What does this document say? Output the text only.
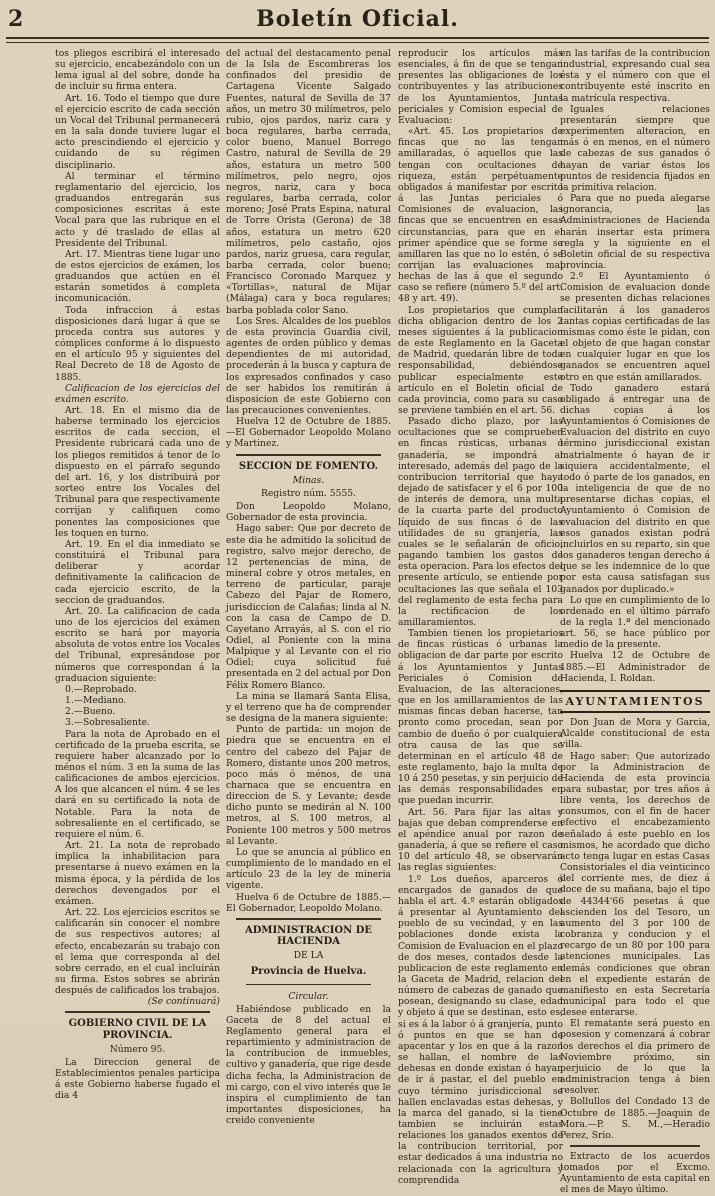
2	Boletín Oficial.

tos pliegos escribirá el interesado su ejercicio, encabezándolo con un lema igual al del sobre, donde ha de incluir su firma entera.

Art. 16. Todo el tiempo que dure el ejercicio escrito de cada sección un Vocal del Tribunal permanecerá en la sala donde tuviere lugar el acto prescindiendo el ejercicio y cuidando de su régimen disciplinario.

Al terminar el término reglamentario del ejercicio, los graduandos entregarán sus composiciones escritas á este Vocal para que las rubrique en el acto y dé traslado de ellas al Presidente del Tribunal.

Art. 17. Mientras tiene lugar uno de estos ejercicios de exámen, los graduandos que actúen en él estarán sometidos á completa incomunicación.

Toda infraccion á estas disposiciones dará lugar á que se proceda contra sus autores y cómplices conforme á lo dispuesto en el artículo 95 y siguientes del Real Decreto de 18 de Agosto de 1885.

Calificacion de los ejercicios del exámen escrito.

Art. 18. En el mismo dia de haberse terminado los ejercicios escritos de cada seccion, el Presidente rubricará cada uno de los pliegos remitidos á tenor de lo dispuesto en el párrafo segundo del art. 16, y los distribuirá por sorteo entre los Vocales del Tribunal para que respectivamente corrijan y califiquen como ponentes las composiciones que les toquen en turno.

Art. 19. En el dia inmediato se constituirá el Tribunal para deliberar y acordar definitivamente la calificacion de cada ejercicio escrito, de la seccion de graduandos.

Art. 20. La calificacion de cada uno de los ejercicios del exámen escrito se hará por mayoría absoluta de votos entre los Vocales del Tribunal, expresándose por números que correspondan á la graduacion siguiente:

0.—Reprobado.

1.—Mediano.

2.—Bueno.

3.—Sobresaliente.

Para la nota de Aprobado en el certificado de la prueba escrita, se requiere haber alcanzado por lo ménos el núm. 3 en la suma de las calificaciones de ambos ejercicios. A los que alcancen el núm. 4 se les dará en su certificado la nota de Notable. Para la nota de sobresaliente en el certificado, se requiere el núm. 6.

Art. 21. La nota de reprobado implica la inhabilitacion para presentarse á nuevo exámen en la misma época, y la pérdida de los derechos devengados por el exámen.

Art. 22. Los ejercicios escritos se calificarán sin conocer el nombre de sus respectivos autores; al efecto, encabezarán su trabajo con el lema que corresponda al del sobre cerrado, en el cual incluirán su firma. Estos sobres se abrirán después de calificados los trabajos.

(Se continuará)

GOBIERNO CIVIL DE LA PROVINCIA.

Número 95.

La Direccion general de Establecimientos penales participa á este Gobierno haberse fugado el dia 4

del actual del destacamento penal de la Isla de Escombreras los confinados del presidio de Cartagena Vicente Salgado Fuentes, natural de Sevilla de 37 años, un metro 30 milímetros, pelo rubio, ojos pardos, nariz cara y boca regulares, barba cerrada, color bueno, Manuel Borrego Castro, natural de Sevilla de 29 años, estatura un metro 500 milímetros, pelo negro, ojos negros, nariz, cara y boca regulares, barba cerrada, color moreno; José Prats Espina, natural de Torre Orista (Gerona) de 38 años, estatura un metro 620 milímetros, pelo castaño, ojos pardos, nariz gruesa, cara regular, barba cerrada, color bueno; Francisco Coronado Marquez y «Tortillas», natural de Mijar (Málaga) cara y boca regulares; barba poblada color Sano.

Los Sres. Alcaldes de los pueblos de esta provincia Guardia civil, agentes de orden público y demas dependientes de mi autoridad, procederán á la busca y captura de los expresados confinados y caso de ser habidos los remitirán á disposicion de este Gobierno con las precauciones convenientes.

Huelva 12 de Octubre de 1885.—El Gobernador Leopoldo Molano y Martinez.

SECCION DE FOMENTO.

Minas.

Registro núm. 5555.

Don Leopoldo Molano, Gobernador de esta provincia.

Hago saber: Que por decreto de este dia he admitido la solicitud de registro, salvo mejor derecho, de 12 pertenencias de mina, de mineral cobre y otros metales, en terreno de particular, paraje Cabezo del Pajar de Romero, jurisdiccion de Calañas; linda al N. con la casa de Campo de D. Cayetano Arrayás, al S. con el rio Odiel, al Poniente con la mina Malpique y al Levante con el rio Odiel; cuya solicitud fué presentada en 2 del actual por Don Félix Romero Blanco.

La mina se llamará Santa Elisa, y el terreno que ha de comprender se designa de la manera siguiente:

Punto de partida: un mojon de piedra que se encuentra en el centro del cabezo del Pajar de Romero, distante unos 200 metros, poco más ó ménos, de una charnaca que se encuentra en direccion de S. y Levante; desde dicho punto se medirán al N. 100 metros, al S. 100 metros, al Poniente 100 metros y 500 metros al Levante.

Lo que se anuncia al público en cumplimiento de lo mandado en el artículo 23 de la ley de mineria vigente.

Huelva 6 de Octubre de 1885.—El Gobernador, Leopoldo Molano.

ADMINISTRACION DE HACIENDA

DE LA

Provincia de Huelva.

Circular.

Habiéndose publicado en la Gaceta de 8 del actual el Reglamento general para el repartimiento y administracion de la contribucion de inmuebles, cultivo y ganadería, que rige desde dicha fecha, la Administracion de mi cargo, con el vivo interés que le inspira el cumplimiento de tan importantes disposiciones, ha creido conveniente

reproducir los artículos más esenciales, á fin de que se tengan presentes las obligaciones de los contribuyentes y las atribuciones de los Ayuntamientos, Juntas periciales y Comision especial de Evaluacion:

«Art. 45. Los propietarios de fincas que no las tengan amillaradas, ó aquellos que las tengan con ocultaciones de riqueza, están perpétuamente obligados á manifestar por escrito á las Juntas periciales ó Comisiones de evaluacion, las fincas que se encuentren en esas circunstancias, para que en el primer apéndice que se forme se amillaren las que no lo estén, ó se corrijan las evaluaciones mal hechas de las á que el segundo caso se refiere (número 5.º del art. 48 y art. 49).

Los propietarios que cumplan dicha obligacion dentro de los 2 meses siguientes á la publicacion de este Reglamento en la Gaceta de Madrid, quedarán libre de toda responsabilidad, debiéndose publicar especialmente este artículo en el Boletin oficial de cada provincia, como para su caso se previene también en el art. 56.

Pasado dicho plazo, por las ocultaciones que se comprueben en fincas rústicas, urbanas ó ganadería, se impondrá al interesado, además del pago de la contribucion territorial que haya dejado de satisfacer y el 6 por 100 de interés de demora, una multa de la cuarta parte del producto líquido de sus fincas ó de las utilidades de su granjería, las cuales se le señalarán de oficio, pagando tambien los gastos de esta operacion. Para los efectos del presente artículo, se entiende por ocultaciones las que señala el 103 del reglamento de esta fecha para la rectificacion de los amillaramientos.

Tambien tienen los propietarios de fincas rústicas ó urbanas la obligacion de dar parte por escrito á los Ayuntamientos y Juntas Periciales ó Comision de Evaluacion, de las alteraciones, que en los amillaramientos de las mismas fincas deban hacerse, tan pronto como procedan, sean por cambio de dueño ó por cualquiera otra causa de las que se determinan en el artículo 48 de este reglamento, bajo la multa de 10 á 250 pesetas, y sin perjuicio de las demás responsabilidades en que puedan incurrir.

Art. 56. Para fijar las altas y bajas que deban comprenderse en el apéndice anual por razon de ganadería, á que se refiere el caso 10 del artículo 48, se observarán las reglas siguientes:

1.º Los dueños, aparceros ó encargados de ganados de que habla el art. 4.º estarán obligados á presentar al Ayuntamiento del pueblo de su vecindad, y en las poblaciones donde exista la Comision de Evaluacion en el plazo de dos meses, contados desde la publicacion de este reglamento en la Gaceta de Madrid, relacion del número de cabezas de ganado que posean, designando su clase, edad y objeto á que se destinan, esto es, si es á la labor ó á granjería, punto ó puntos en que se han de apacentar y los en que á la razon se hallan, el nombre de las dehesas en donde existan ó hayan de ir á pastar, el del pueblo en cuyo término jurisdiccional se hallen enclavadas estas dehesas, y la marca del ganado, si la tiene tambien se incluirán estas relaciones los ganados exentos de la contribucion territorial, por estar dedicados á una industria no relacionada con la agricultura y comprendida

en las tarifas de la contribucion industrial, expresando cual sea ésta y el número con que el contribuyente esté inscrito en la matrícula respectiva.

Iguales relaciones presentarán siempre que experimenten alteracion, en más ó en menos, en el número de cabezas de sus ganados ó hayan de variar éstos los puntos de residencia fijados en la primitiva relacion.

Para que no pueda alegarse ignorancia, las Administraciones de Hacienda harán insertar esta primera regla y la siguiente en el Boletin oficial de su respectiva provincia.

2.º El Ayuntamiento ó Comision de evaluacion donde se presenten dichas relaciones facilitarán á los ganaderos tantas copias certificadas de las mismas como éste le pidan, con el objeto de que hagan constar en cualquier lugar en que los ganados se encuentren aquel otro en que están amillarados.

Todo ganadero estará obligado á entregar una de dichas copias á los Ayuntamientos ó Comisiones de Evaluacion del distrito en cuyo término jurisdiccional existan matrialmente ó hayan de ir siquiera accidentalmente, el todo ó parte de los ganados, en la inteligencia de que de no presentarse dichas copias, el Ayuntamiento ó Comision de evaluacion del distrito en que esos ganados existan podrá incluirlos en su reparto, sin que los ganaderos tengan derecho á que se les indemnice de lo que por esta causa satisfagan sus ganados por duplicado.»

Lo que en cumplimiento de lo ordenado en el último párrafo de la regla 1.ª del mencionado art. 56, se hace público por medio de la presente.

Huelva 12 de Octubre de 1885.—El Administrador de Hacienda, I. Roldan.

AYUNTAMIENTOS

Don Juan de Mora y Garcia, Alcalde constitucional de esta villa.

Hago saber: Que autorizado por la Administracion de Hacienda de esta provincia para subastar, por tres años á libre venta, los derechos de consumos, con el fin de hacer efectivo el encabezamiento señalado á este pueblo en los mismos, he acordado que dicho acto tenga lugar en estas Casas Consistoriales el dia veinticinco del corriente mes, de diez á doce de su mañana, bajo el tipo de 44344'66 pesetas á que ascienden los del Tesoro, un aumento del 3 por 100 de cobranza y conducion y el recargo de un 80 por 100 para atenciones municipales. Las demás condiciones que obran en el expediente estarán de manifiesto en esta Secretaría municipal para todo el que desee enterarse.

El rematante será puesto en posesion y comenzará á cobrar los derechos el dia primero de Noviembre próximo, sin perjuicio de lo que la administracion tenga á bien resolver.

Bollullos del Condado 13 de Octubre de 1885.—Joaquin de Mora.—P. S. M.,—Heradio Perez, Srio.

Extracto de los acuerdos tomados por el Excmo. Ayuntamiento de esta capital en el mes de Mayo último.
